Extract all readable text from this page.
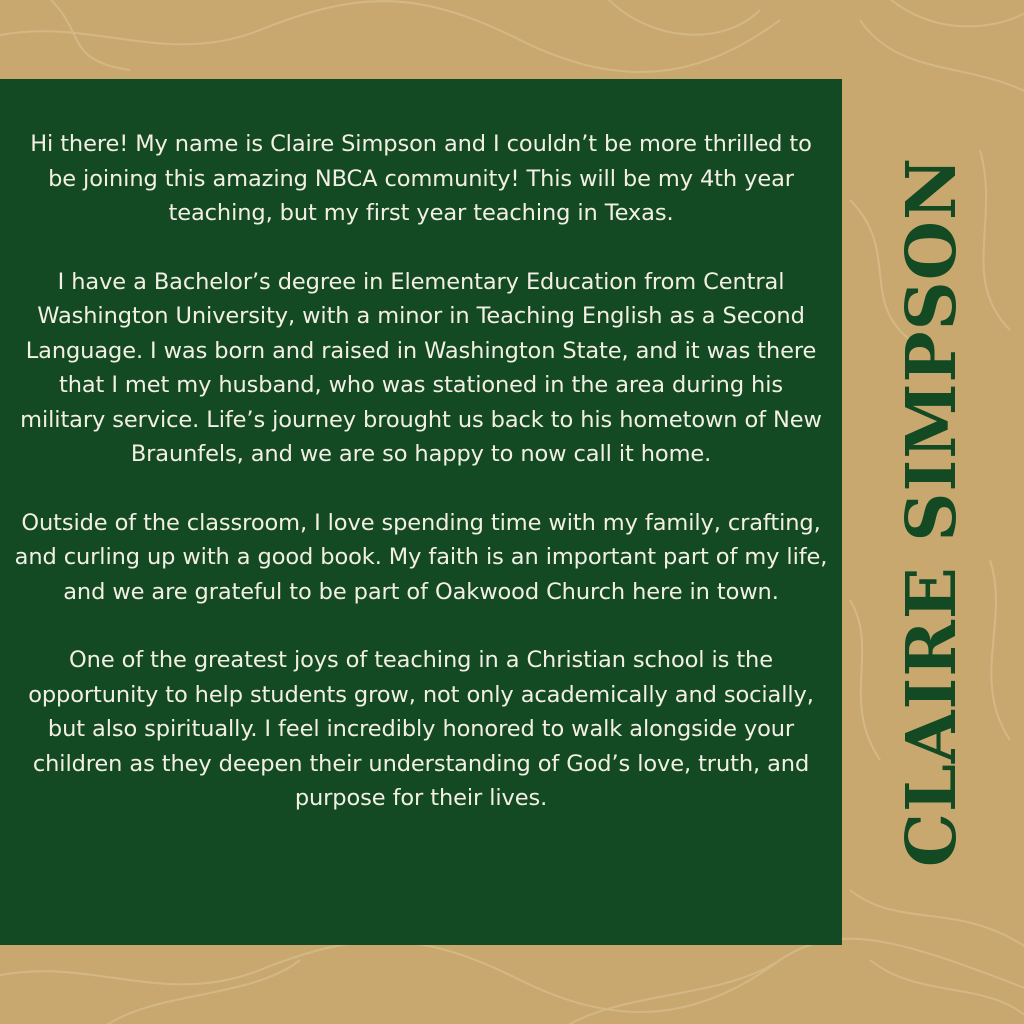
Hi there! My name is Claire Simpson and I couldn’t be more thrilled to be joining this amazing NBCA community! This will be my 4th year teaching, but my first year teaching in Texas.

I have a Bachelor’s degree in Elementary Education from Central Washington University, with a minor in Teaching English as a Second Language. I was born and raised in Washington State, and it was there that I met my husband, who was stationed in the area during his military service. Life’s journey brought us back to his hometown of New Braunfels, and we are so happy to now call it home.

Outside of the classroom, I love spending time with my family, crafting, and curling up with a good book. My faith is an important part of my life, and we are grateful to be part of Oakwood Church here in town.

One of the greatest joys of teaching in a Christian school is the opportunity to help students grow, not only academically and socially, but also spiritually. I feel incredibly honored to walk alongside your children as they deepen their understanding of God’s love, truth, and purpose for their lives.	CLAIRE SIMPSON
